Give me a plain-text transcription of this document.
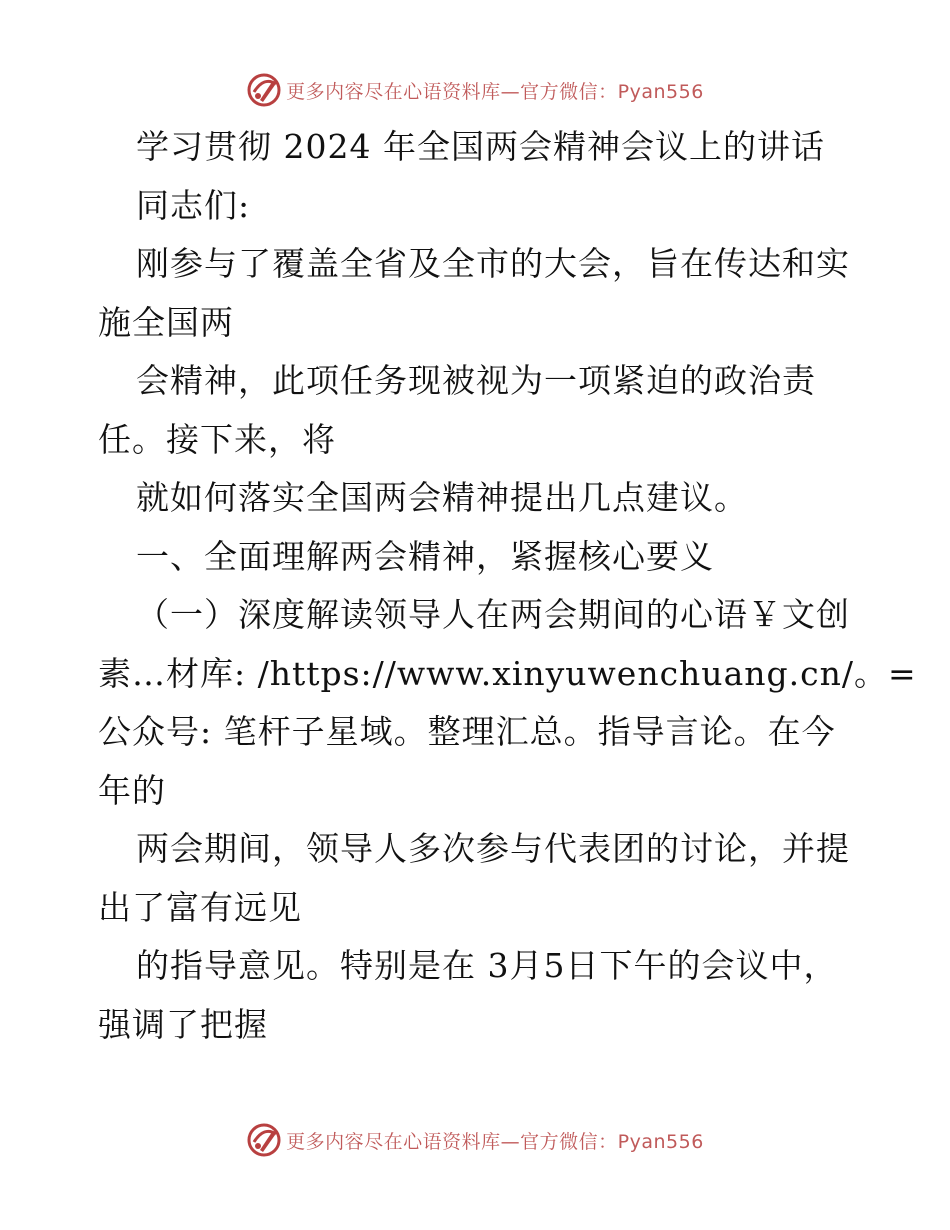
更多内容尽在心语资料库—官方微信：Pyan556
学习贯彻 2024 年全国两会精神会议上的讲话
同志们:
刚参与了覆盖全省及全市的大会，旨在传达和实
施全国两
会精神，此项任务现被视为一项紧迫的政治责
任。接下来，将
就如何落实全国两会精神提出几点建议。
一、全面理解两会精神，紧握核心要义
（一）深度解读领导人在两会期间的心语￥文创
素…材库: /https://www.xinyuwenchuang.cn/。=
公众号: 笔杆子星域。整理汇总。指导言论。在今
年的
两会期间，领导人多次参与代表团的讨论，并提
出了富有远见
的指导意见。特别是在 3月5日下午的会议中，
强调了把握
更多内容尽在心语资料库—官方微信：Pyan556
